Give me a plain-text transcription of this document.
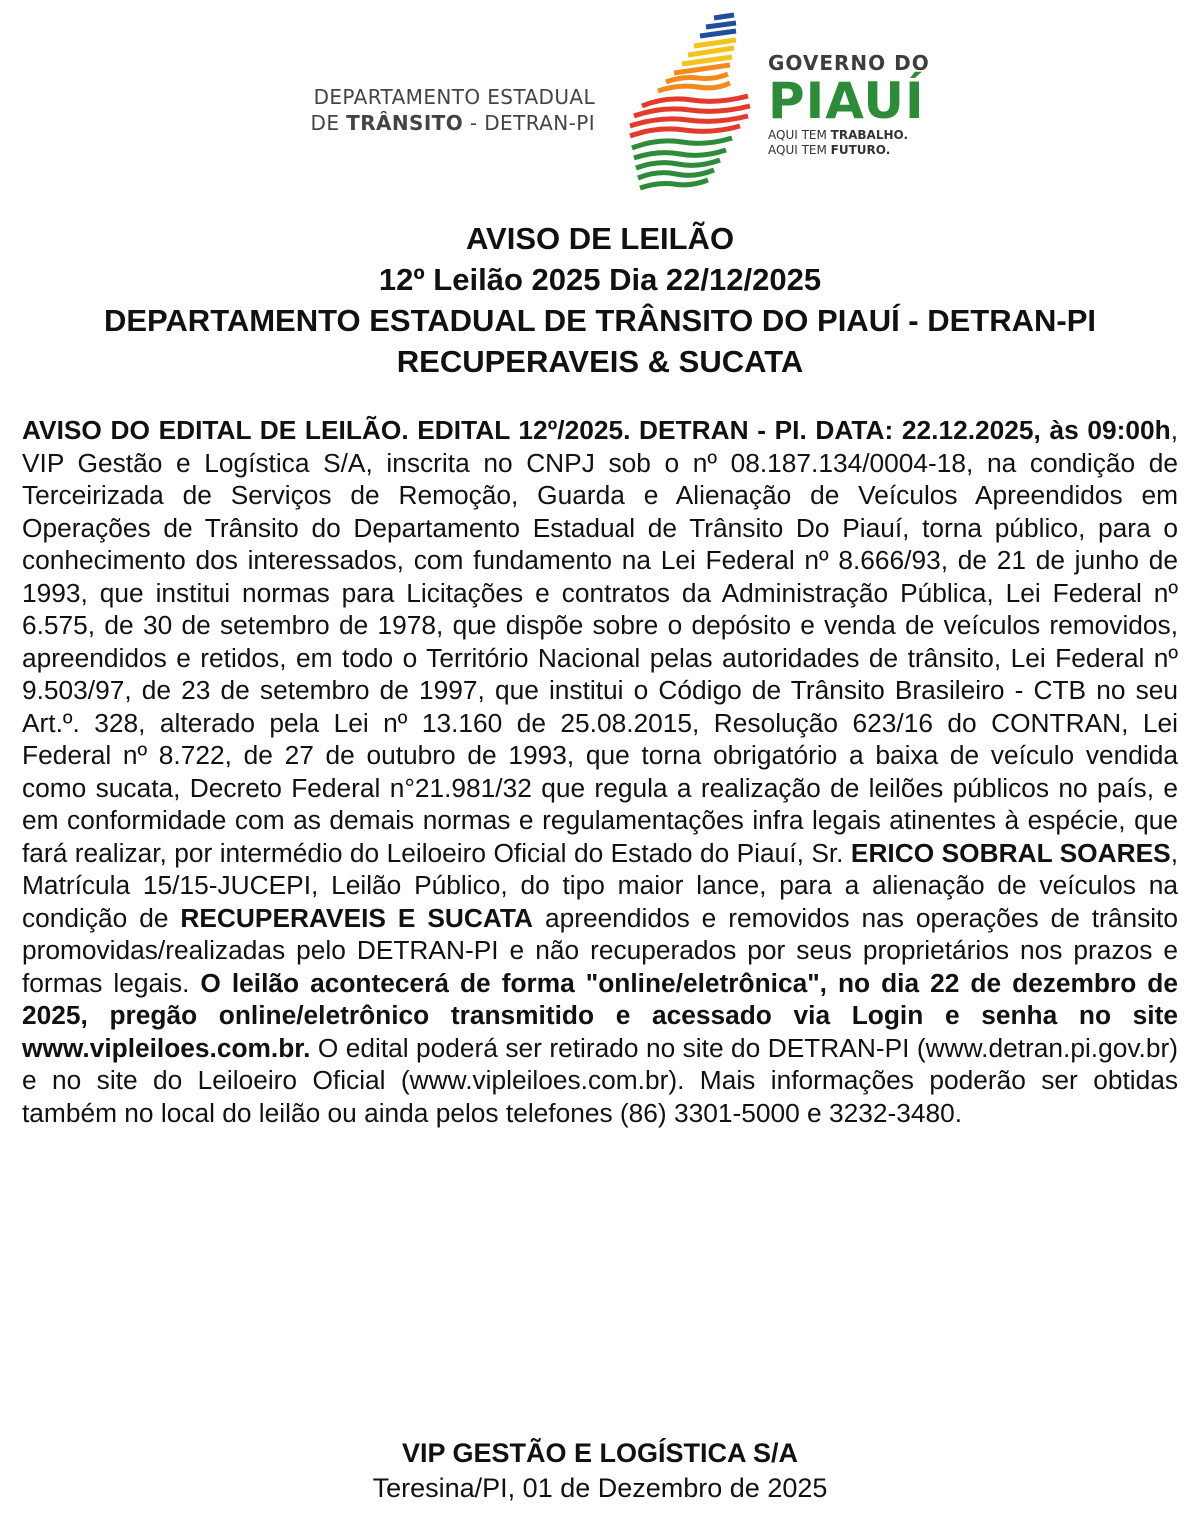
DEPARTAMENTO ESTADUAL
DE TRÂNSITO - DETRAN-PI
GOVERNO DO
PIAUÍ
AQUI TEM TRABALHO.
AQUI TEM FUTURO.
AVISO DE LEILÃO
12º Leilão 2025 Dia 22/12/2025
DEPARTAMENTO ESTADUAL DE TRÂNSITO DO PIAUÍ - DETRAN-PI
RECUPERAVEIS & SUCATA
AVISO DO EDITAL DE LEILÃO. EDITAL 12º/2025. DETRAN - PI. DATA: 22.12.2025, às 09:00h, VIP Gestão e Logística S/A, inscrita no CNPJ sob o nº 08.187.134/0004-18, na condição de Terceirizada de Serviços de Remoção, Guarda e Alienação de Veículos Apreendidos em Operações de Trânsito do Departamento Estadual de Trânsito Do Piauí, torna público, para o conhecimento dos interessados, com fundamento na Lei Federal nº 8.666/93, de 21 de junho de 1993, que institui normas para Licitações e contratos da Administração Pública, Lei Federal nº 6.575, de 30 de setembro de 1978, que dispõe sobre o depósito e venda de veículos removidos, apreendidos e retidos, em todo o Território Nacional pelas autoridades de trânsito, Lei Federal nº 9.503/97, de 23 de setembro de 1997, que institui o Código de Trânsito Brasileiro - CTB no seu Art.º. 328, alterado pela Lei nº 13.160 de 25.08.2015, Resolução 623/16 do CONTRAN, Lei Federal nº 8.722, de 27 de outubro de 1993, que torna obrigatório a baixa de veículo vendida como sucata, Decreto Federal n°21.981/32 que regula a realização de leilões públicos no país, e em conformidade com as demais normas e regulamentações infra legais atinentes à espécie, que fará realizar, por intermédio do Leiloeiro Oficial do Estado do Piauí, Sr. ERICO SOBRAL SOARES, Matrícula 15/15-JUCEPI, Leilão Público, do tipo maior lance, para a alienação de veículos na condição de RECUPERAVEIS E SUCATA apreendidos e removidos nas operações de trânsito promovidas/realizadas pelo DETRAN-PI e não recuperados por seus proprietários nos prazos e formas legais. O leilão acontecerá de forma "online/eletrônica", no dia 22 de dezembro de 2025, pregão online/eletrônico transmitido e acessado via Login e senha no site www.vipleiloes.com.br. O edital poderá ser retirado no site do DETRAN-PI (www.detran.pi.gov.br) e no site do Leiloeiro Oficial (www.vipleiloes.com.br). Mais informações poderão ser obtidas também no local do leilão ou ainda pelos telefones (86) 3301-5000 e 3232-3480.
VIP GESTÃO E LOGÍSTICA S/A
Teresina/PI, 01 de Dezembro de 2025
